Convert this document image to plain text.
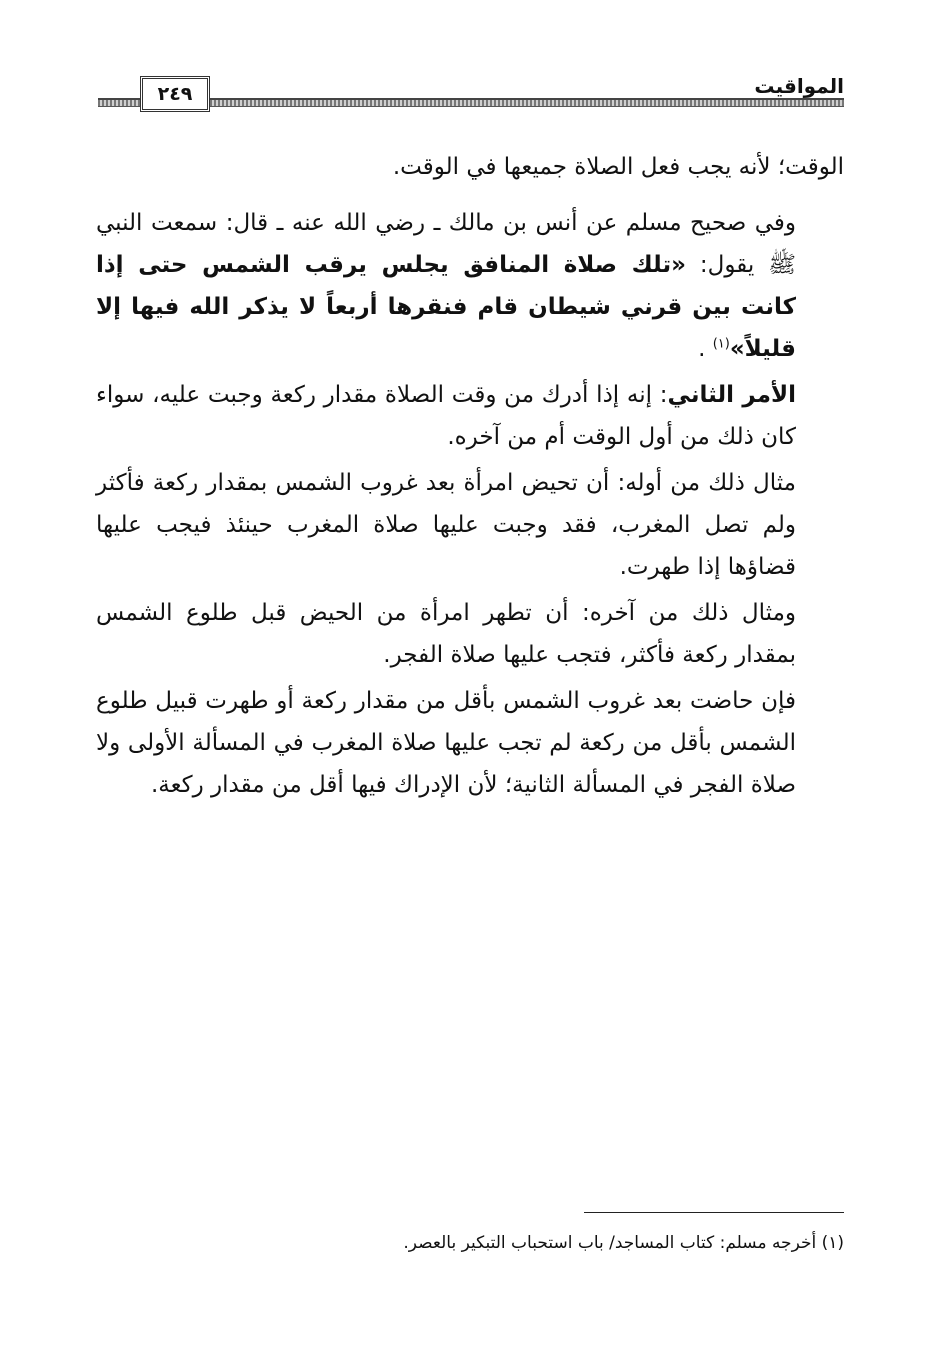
المواقيت
٢٤٩

الوقت؛ لأنه يجب فعل الصلاة جميعها في الوقت.

وفي صحيح مسلم عن أنس بن مالك ـ رضي الله عنه ـ قال: سمعت النبي ﷺ يقول: «تلك صلاة المنافق يجلس يرقب الشمس حتى إذا كانت بين قرني شيطان قام فنقرها أربعاً لا يذكر الله فيها إلا قليلاً»$^{(١)}$ .

الأمر الثاني: إنه إذا أدرك من وقت الصلاة مقدار ركعة وجبت عليه، سواء كان ذلك من أول الوقت أم من آخره.

مثال ذلك من أوله: أن تحيض امرأة بعد غروب الشمس بمقدار ركعة فأكثر ولم تصل المغرب، فقد وجبت عليها صلاة المغرب حينئذ فيجب عليها قضاؤها إذا طهرت.

ومثال ذلك من آخره: أن تطهر امرأة من الحيض قبل طلوع الشمس بمقدار ركعة فأكثر، فتجب عليها صلاة الفجر.

فإن حاضت بعد غروب الشمس بأقل من مقدار ركعة أو طهرت قبيل طلوع الشمس بأقل من ركعة لم تجب عليها صلاة المغرب في المسألة الأولى ولا صلاة الفجر في المسألة الثانية؛ لأن الإدراك فيها أقل من مقدار ركعة.

(١) أخرجه مسلم: كتاب المساجد/ باب استحباب التبكير بالعصر.
